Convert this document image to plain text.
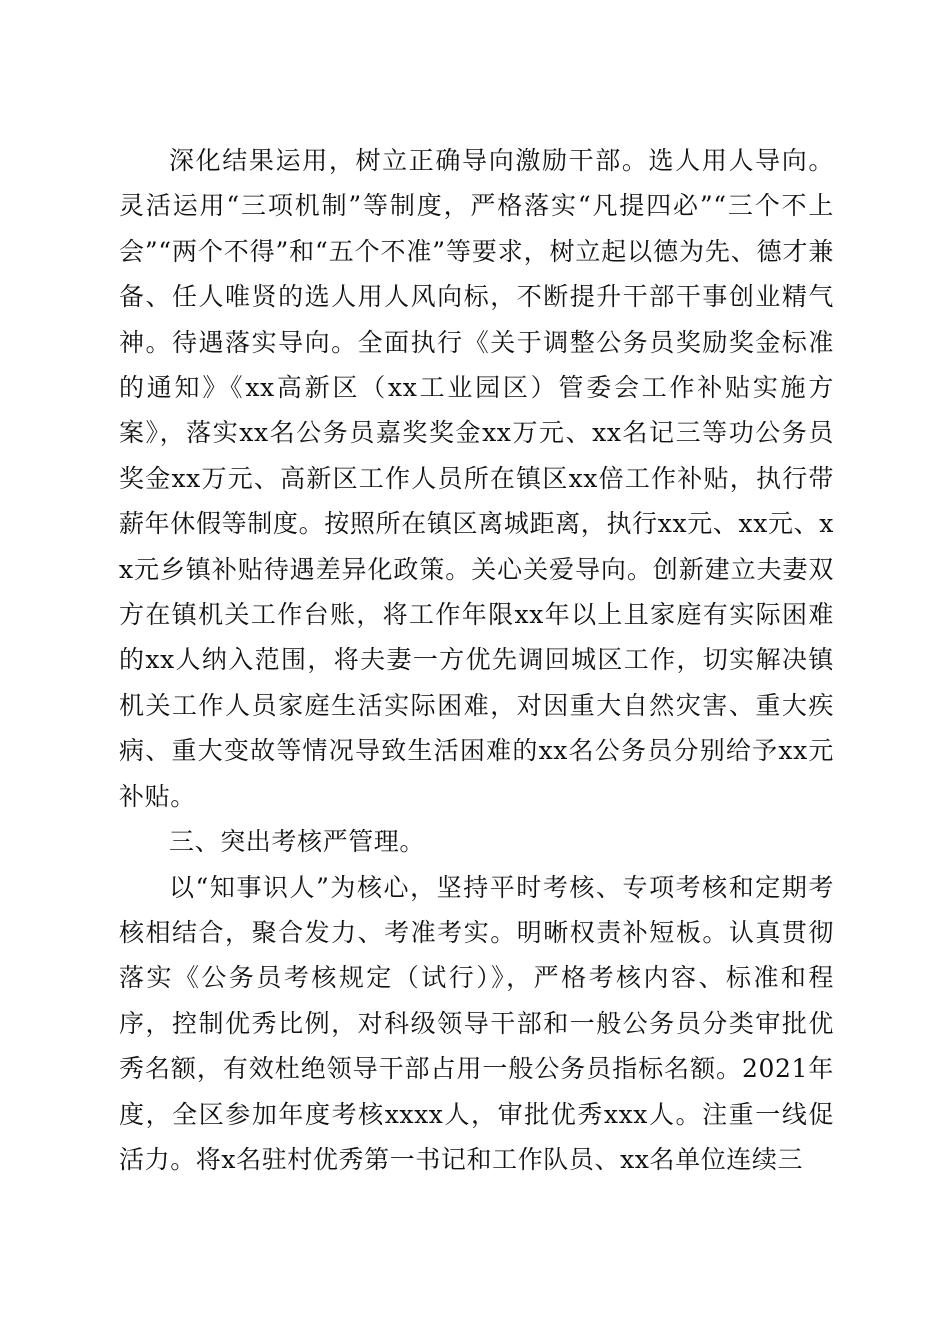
深化结果运用，树立正确导向激励干部。选人用人导向。灵活运用“三项机制”等制度，严格落实“凡提四必”“三个不上会”“两个不得”和“五个不准”等要求，树立起以德为先、德才兼备、任人唯贤的选人用人风向标，不断提升干部干事创业精气神。待遇落实导向。全面执行《关于调整公务员奖励奖金标准的通知》《xx高新区（xx工业园区）管委会工作补贴实施方案》，落实xx名公务员嘉奖奖金xx万元、xx名记三等功公务员奖金xx万元、高新区工作人员所在镇区xx倍工作补贴，执行带薪年休假等制度。按照所在镇区离城距离，执行xx元、xx元、xx元乡镇补贴待遇差异化政策。关心关爱导向。创新建立夫妻双方在镇机关工作台账，将工作年限xx年以上且家庭有实际困难的xx人纳入范围，将夫妻一方优先调回城区工作，切实解决镇机关工作人员家庭生活实际困难，对因重大自然灾害、重大疾病、重大变故等情况导致生活困难的xx名公务员分别给予xx元补贴。

三、突出考核严管理。

以“知事识人”为核心，坚持平时考核、专项考核和定期考核相结合，聚合发力、考准考实。明晰权责补短板。认真贯彻落实《公务员考核规定（试行）》，严格考核内容、标准和程序，控制优秀比例，对科级领导干部和一般公务员分类审批优秀名额，有效杜绝领导干部占用一般公务员指标名额。2021年度，全区参加年度考核xxxx人，审批优秀xxx人。注重一线促活力。将x名驻村优秀第一书记和工作队员、xx名单位连续三
